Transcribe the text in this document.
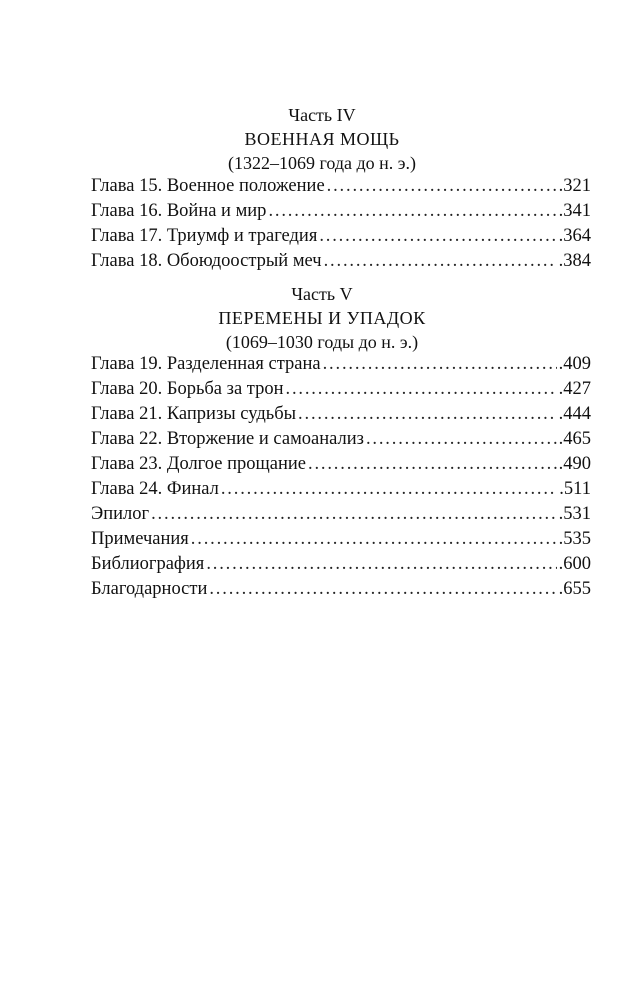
Часть IV
ВОЕННАЯ МОЩЬ
(1322–1069 года до н. э.)
Глава 15. Военное положение . . .	.321
Глава 16. Война и мир . . .	.341
Глава 17. Триумф и трагедия . . .	.364
Глава 18. Обоюдоострый меч . . .	.384
Часть V
ПЕРЕМЕНЫ И УПАДОК
(1069–1030 годы до н. э.)
Глава 19. Разделенная страна . . .	.409
Глава 20. Борьба за трон . . .	.427
Глава 21. Капризы судьбы . . .	.444
Глава 22. Вторжение и самоанализ . . .	.465
Глава 23. Долгое прощание . . .	.490
Глава 24. Финал . . .	.511
Эпилог . . .	.531
Примечания . . .	.535
Библиография . . .	.600
Благодарности . . .	.655
